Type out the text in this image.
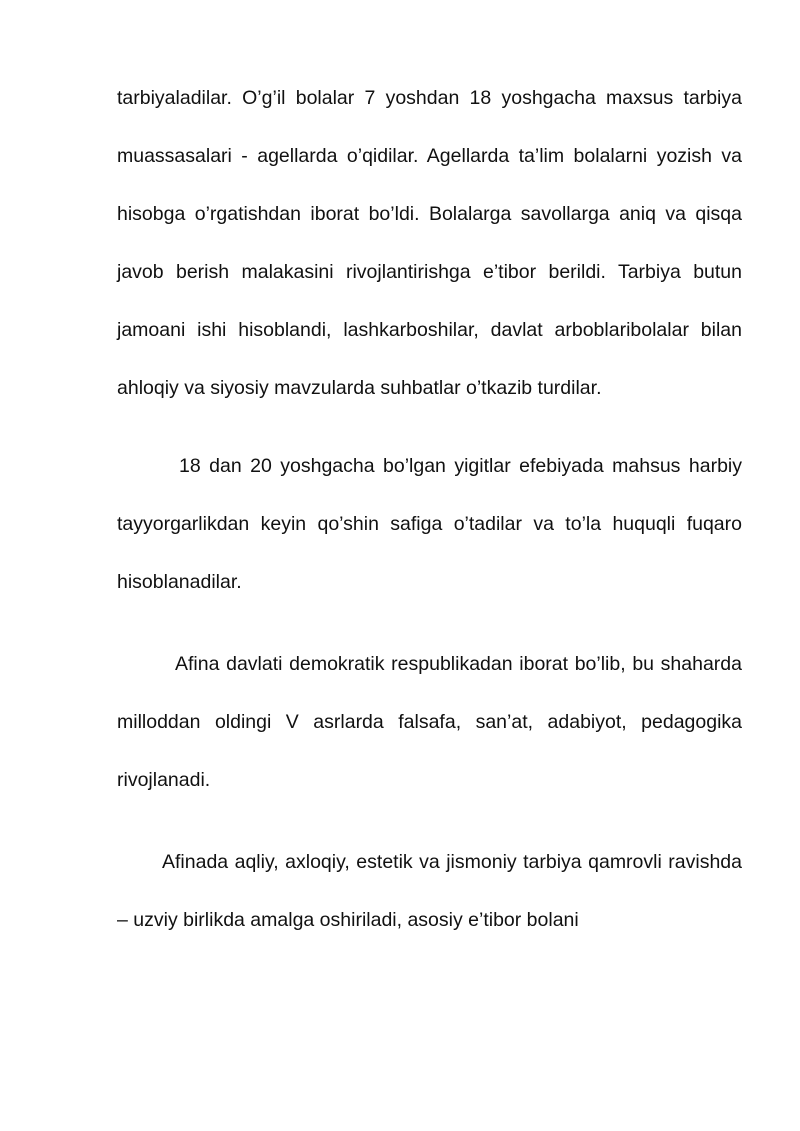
tarbiyaladilar. O’g’il bolalar 7 yoshdan 18 yoshgacha maxsus tarbiya muassasalari - agellarda o’qidilar. Agellarda ta’lim bolalarni yozish va hisobga o’rgatishdan iborat bo’ldi. Bolalarga savollarga aniq va qisqa javob berish malakasini rivojlantirishga e’tibor berildi. Tarbiya butun jamoani ishi hisoblandi, lashkarboshilar, davlat arboblaribolalar bilan ahloqiy va siyosiy mavzularda suhbatlar o’tkazib turdilar.

18 dan 20 yoshgacha bo’lgan yigitlar efebiyada mahsus harbiy tayyorgarlikdan keyin qo’shin safiga o’tadilar va to’la huquqli fuqaro hisoblanadilar.

Afina davlati demokratik respublikadan iborat bo’lib, bu shaharda milloddan oldingi V asrlarda falsafa, san’at, adabiyot, pedagogika rivojlanadi.

Afinada aqliy, axloqiy, estetik va jismoniy tarbiya qamrovli ravishda – uzviy birlikda amalga oshiriladi, asosiy e’tibor bolani
